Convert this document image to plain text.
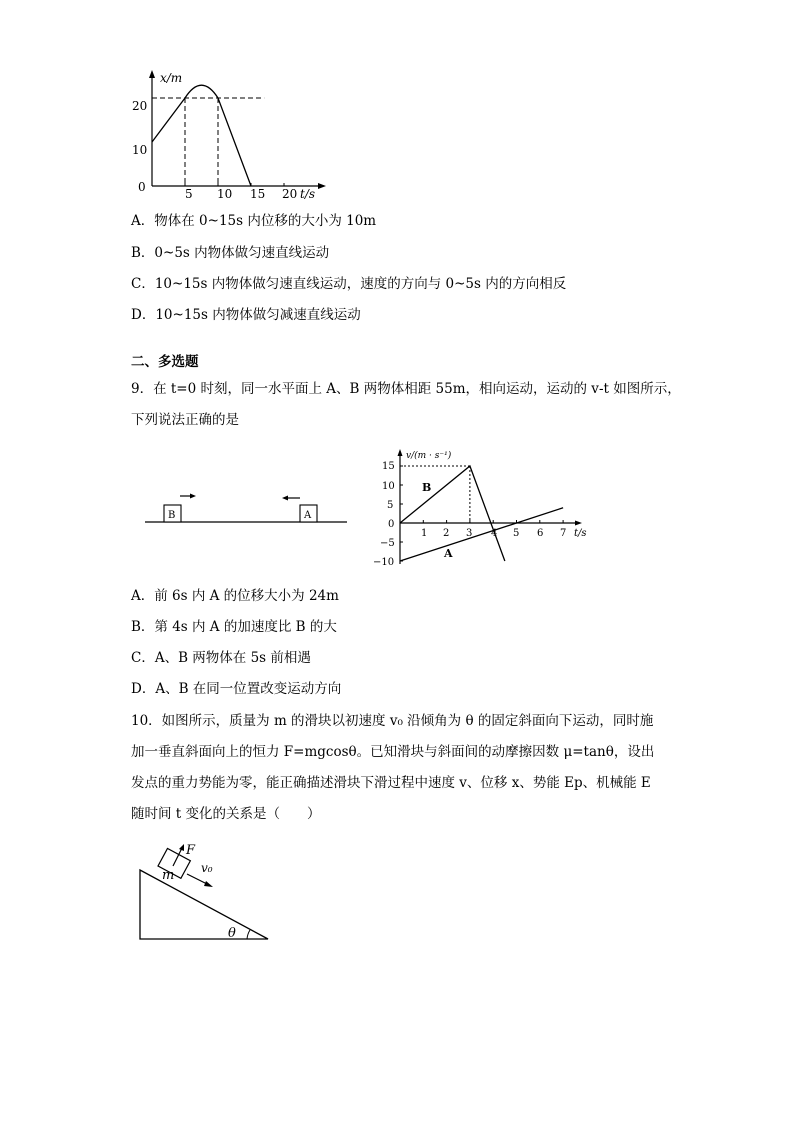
x/m
t/s
0
10
20
5 10 15 20
A．物体在 0~15s 内位移的大小为 10m
B．0~5s 内物体做匀速直线运动
C．10~15s 内物体做匀速直线运动，速度的方向与 0~5s 内的方向相反
D．10~15s 内物体做匀减速直线运动
二、多选题
9．在 t=0 时刻，同一水平面上 A、B 两物体相距 55m，相向运动，运动的 v-t 如图所示，
下列说法正确的是
B	A
v/(m · s⁻¹)
t/s
0
15
10
5
−5
−10
1 2 3 4 5 6 7
B
A
A．前 6s 内 A 的位移大小为 24m
B．第 4s 内 A 的加速度比 B 的大
C．A、B 两物体在 5s 前相遇
D．A、B 在同一位置改变运动方向
10．如图所示，质量为 m 的滑块以初速度 v₀ 沿倾角为 θ 的固定斜面向下运动，同时施
加一垂直斜面向上的恒力 F=mgcosθ。已知滑块与斜面间的动摩擦因数 μ=tanθ，设出
发点的重力势能为零，能正确描述滑块下滑过程中速度 v、位移 x、势能 Ep、机械能 E
随时间 t 变化的关系是（　　）
F
m v₀
θ
